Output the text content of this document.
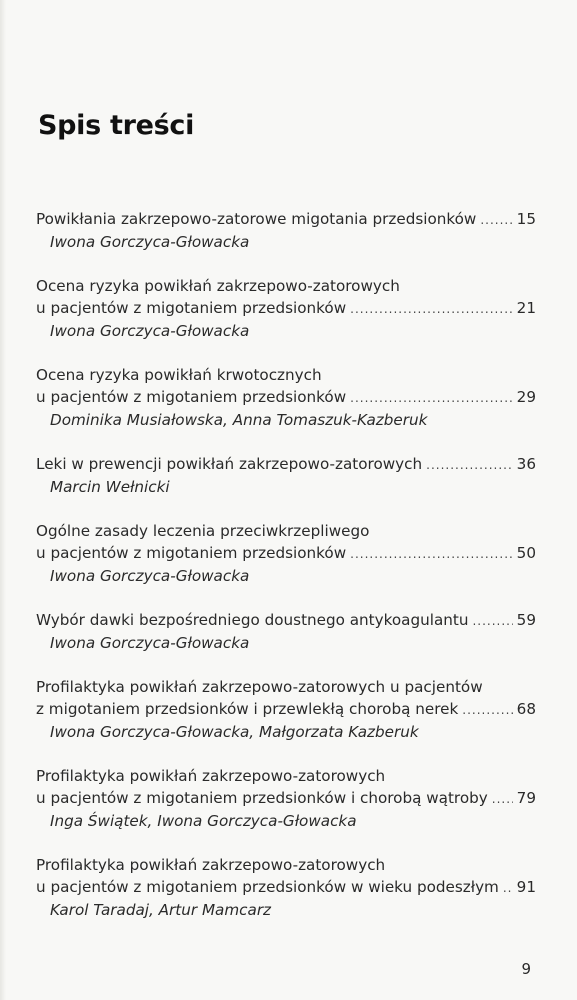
Spis treści
Powikłania zakrzepowo-zatorowe migotania przedsionków .....	15
Iwona Gorczyca-Głowacka
Ocena ryzyka powikłań zakrzepowo-zatorowych
u pacjentów z migotaniem przedsionków .....	21
Iwona Gorczyca-Głowacka
Ocena ryzyka powikłań krwotocznych
u pacjentów z migotaniem przedsionków .....	29
Dominika Musiałowska, Anna Tomaszuk-Kazberuk
Leki w prewencji powikłań zakrzepowo-zatorowych .....	36
Marcin Wełnicki
Ogólne zasady leczenia przeciwkrzepliwego
u pacjentów z migotaniem przedsionków .....	50
Iwona Gorczyca-Głowacka
Wybór dawki bezpośredniego doustnego antykoagulantu .....	59
Iwona Gorczyca-Głowacka
Profilaktyka powikłań zakrzepowo-zatorowych u pacjentów
z migotaniem przedsionków i przewlekłą chorobą nerek .....	68
Iwona Gorczyca-Głowacka, Małgorzata Kazberuk
Profilaktyka powikłań zakrzepowo-zatorowych
u pacjentów z migotaniem przedsionków i chorobą wątroby ..... 79
Inga Świątek, Iwona Gorczyca-Głowacka
Profilaktyka powikłań zakrzepowo-zatorowych
u pacjentów z migotaniem przedsionków w wieku podeszłym ..... 91
Karol Taradaj, Artur Mamcarz
9
